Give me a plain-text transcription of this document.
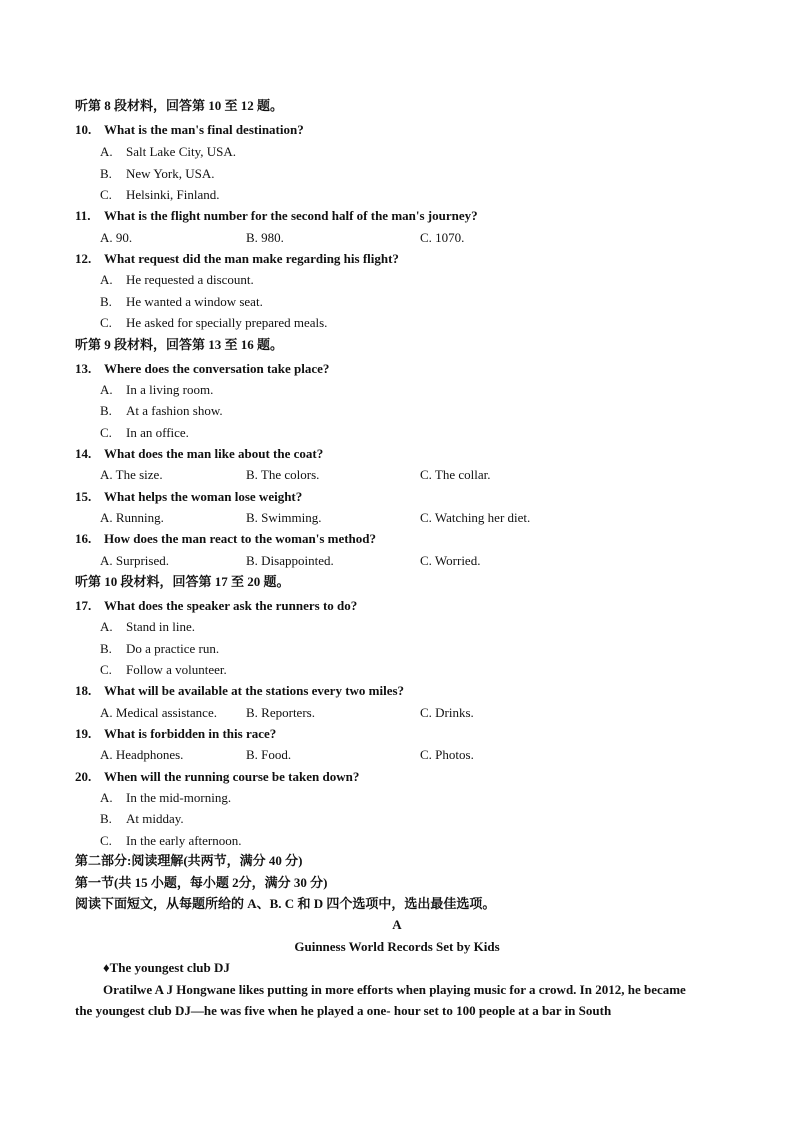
听第 8 段材料，回答第 10 至 12 题。
10. What is the man's final destination?
A. Salt Lake City, USA.
B. New York, USA.
C. Helsinki, Finland.
11. What is the flight number for the second half of the man's journey?
A. 90.	B. 980.	C. 1070.
12. What request did the man make regarding his flight?
A. He requested a discount.
B. He wanted a window seat.
C. He asked for specially prepared meals.
听第 9 段材料，回答第 13 至 16 题。
13. Where does the conversation take place?
A. In a living room.
B. At a fashion show.
C. In an office.
14. What does the man like about the coat?
A. The size.	B. The colors.	C. The collar.
15. What helps the woman lose weight?
A. Running.	B. Swimming.	C. Watching her diet.
16. How does the man react to the woman's method?
A. Surprised.	B. Disappointed.	C. Worried.
听第 10 段材料，回答第 17 至 20 题。
17. What does the speaker ask the runners to do?
A. Stand in line.
B. Do a practice run.
C. Follow a volunteer.
18. What will be available at the stations every two miles?
A. Medical assistance. B. Reporters.	C. Drinks.
19. What is forbidden in this race?
A. Headphones.	B. Food.	C. Photos.
20. When will the running course be taken down?
A. In the mid-morning.
B. At midday.
C. In the early afternoon.
第二部分:阅读理解(共两节，满分 40 分)
第一节(共 15 小题，每小题 2分，满分 30 分)
阅读下面短文，从每题所给的 A、B. C 和 D 四个选项中，选出最佳选项。
A
Guinness World Records Set by Kids
♦The youngest club DJ
Oratilwe A J Hongwane likes putting in more efforts when playing music for a crowd. In 2012, he became the youngest club DJ—he was five when he played a one- hour set to 100 people at a bar in South
